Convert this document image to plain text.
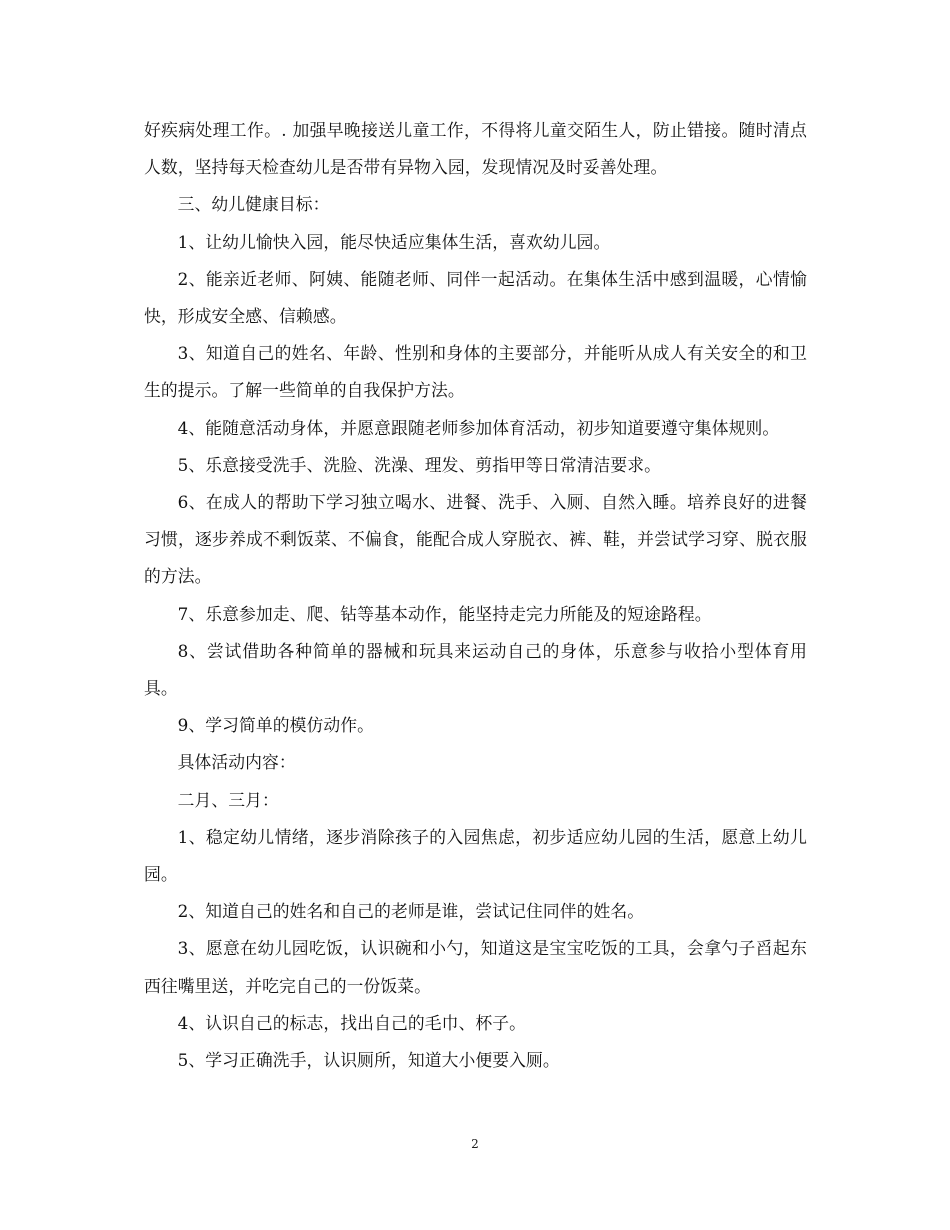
好疾病处理工作。. 加强早晚接送儿童工作，不得将儿童交陌生人，防止错接。随时清点人数，坚持每天检查幼儿是否带有异物入园，发现情况及时妥善处理。

三、幼儿健康目标：

1、让幼儿愉快入园，能尽快适应集体生活，喜欢幼儿园。

2、能亲近老师、阿姨、能随老师、同伴一起活动。在集体生活中感到温暖，心情愉快，形成安全感、信赖感。

3、知道自己的姓名、年龄、性别和身体的主要部分，并能听从成人有关安全的和卫生的提示。了解一些简单的自我保护方法。

4、能随意活动身体，并愿意跟随老师参加体育活动，初步知道要遵守集体规则。

5、乐意接受洗手、洗脸、洗澡、理发、剪指甲等日常清洁要求。

6、在成人的帮助下学习独立喝水、进餐、洗手、入厕、自然入睡。培养良好的进餐习惯，逐步养成不剩饭菜、不偏食，能配合成人穿脱衣、裤、鞋，并尝试学习穿、脱衣服的方法。

7、乐意参加走、爬、钻等基本动作，能坚持走完力所能及的短途路程。

8、尝试借助各种简单的器械和玩具来运动自己的身体，乐意参与收拾小型体育用具。

9、学习简单的模仿动作。

具体活动内容：

二月、三月：

1、稳定幼儿情绪，逐步消除孩子的入园焦虑，初步适应幼儿园的生活，愿意上幼儿园。

2、知道自己的姓名和自己的老师是谁，尝试记住同伴的姓名。

3、愿意在幼儿园吃饭，认识碗和小勺，知道这是宝宝吃饭的工具，会拿勺子舀起东西往嘴里送，并吃完自己的一份饭菜。

4、认识自己的标志，找出自己的毛巾、杯子。

5、学习正确洗手，认识厕所，知道大小便要入厕。

2
